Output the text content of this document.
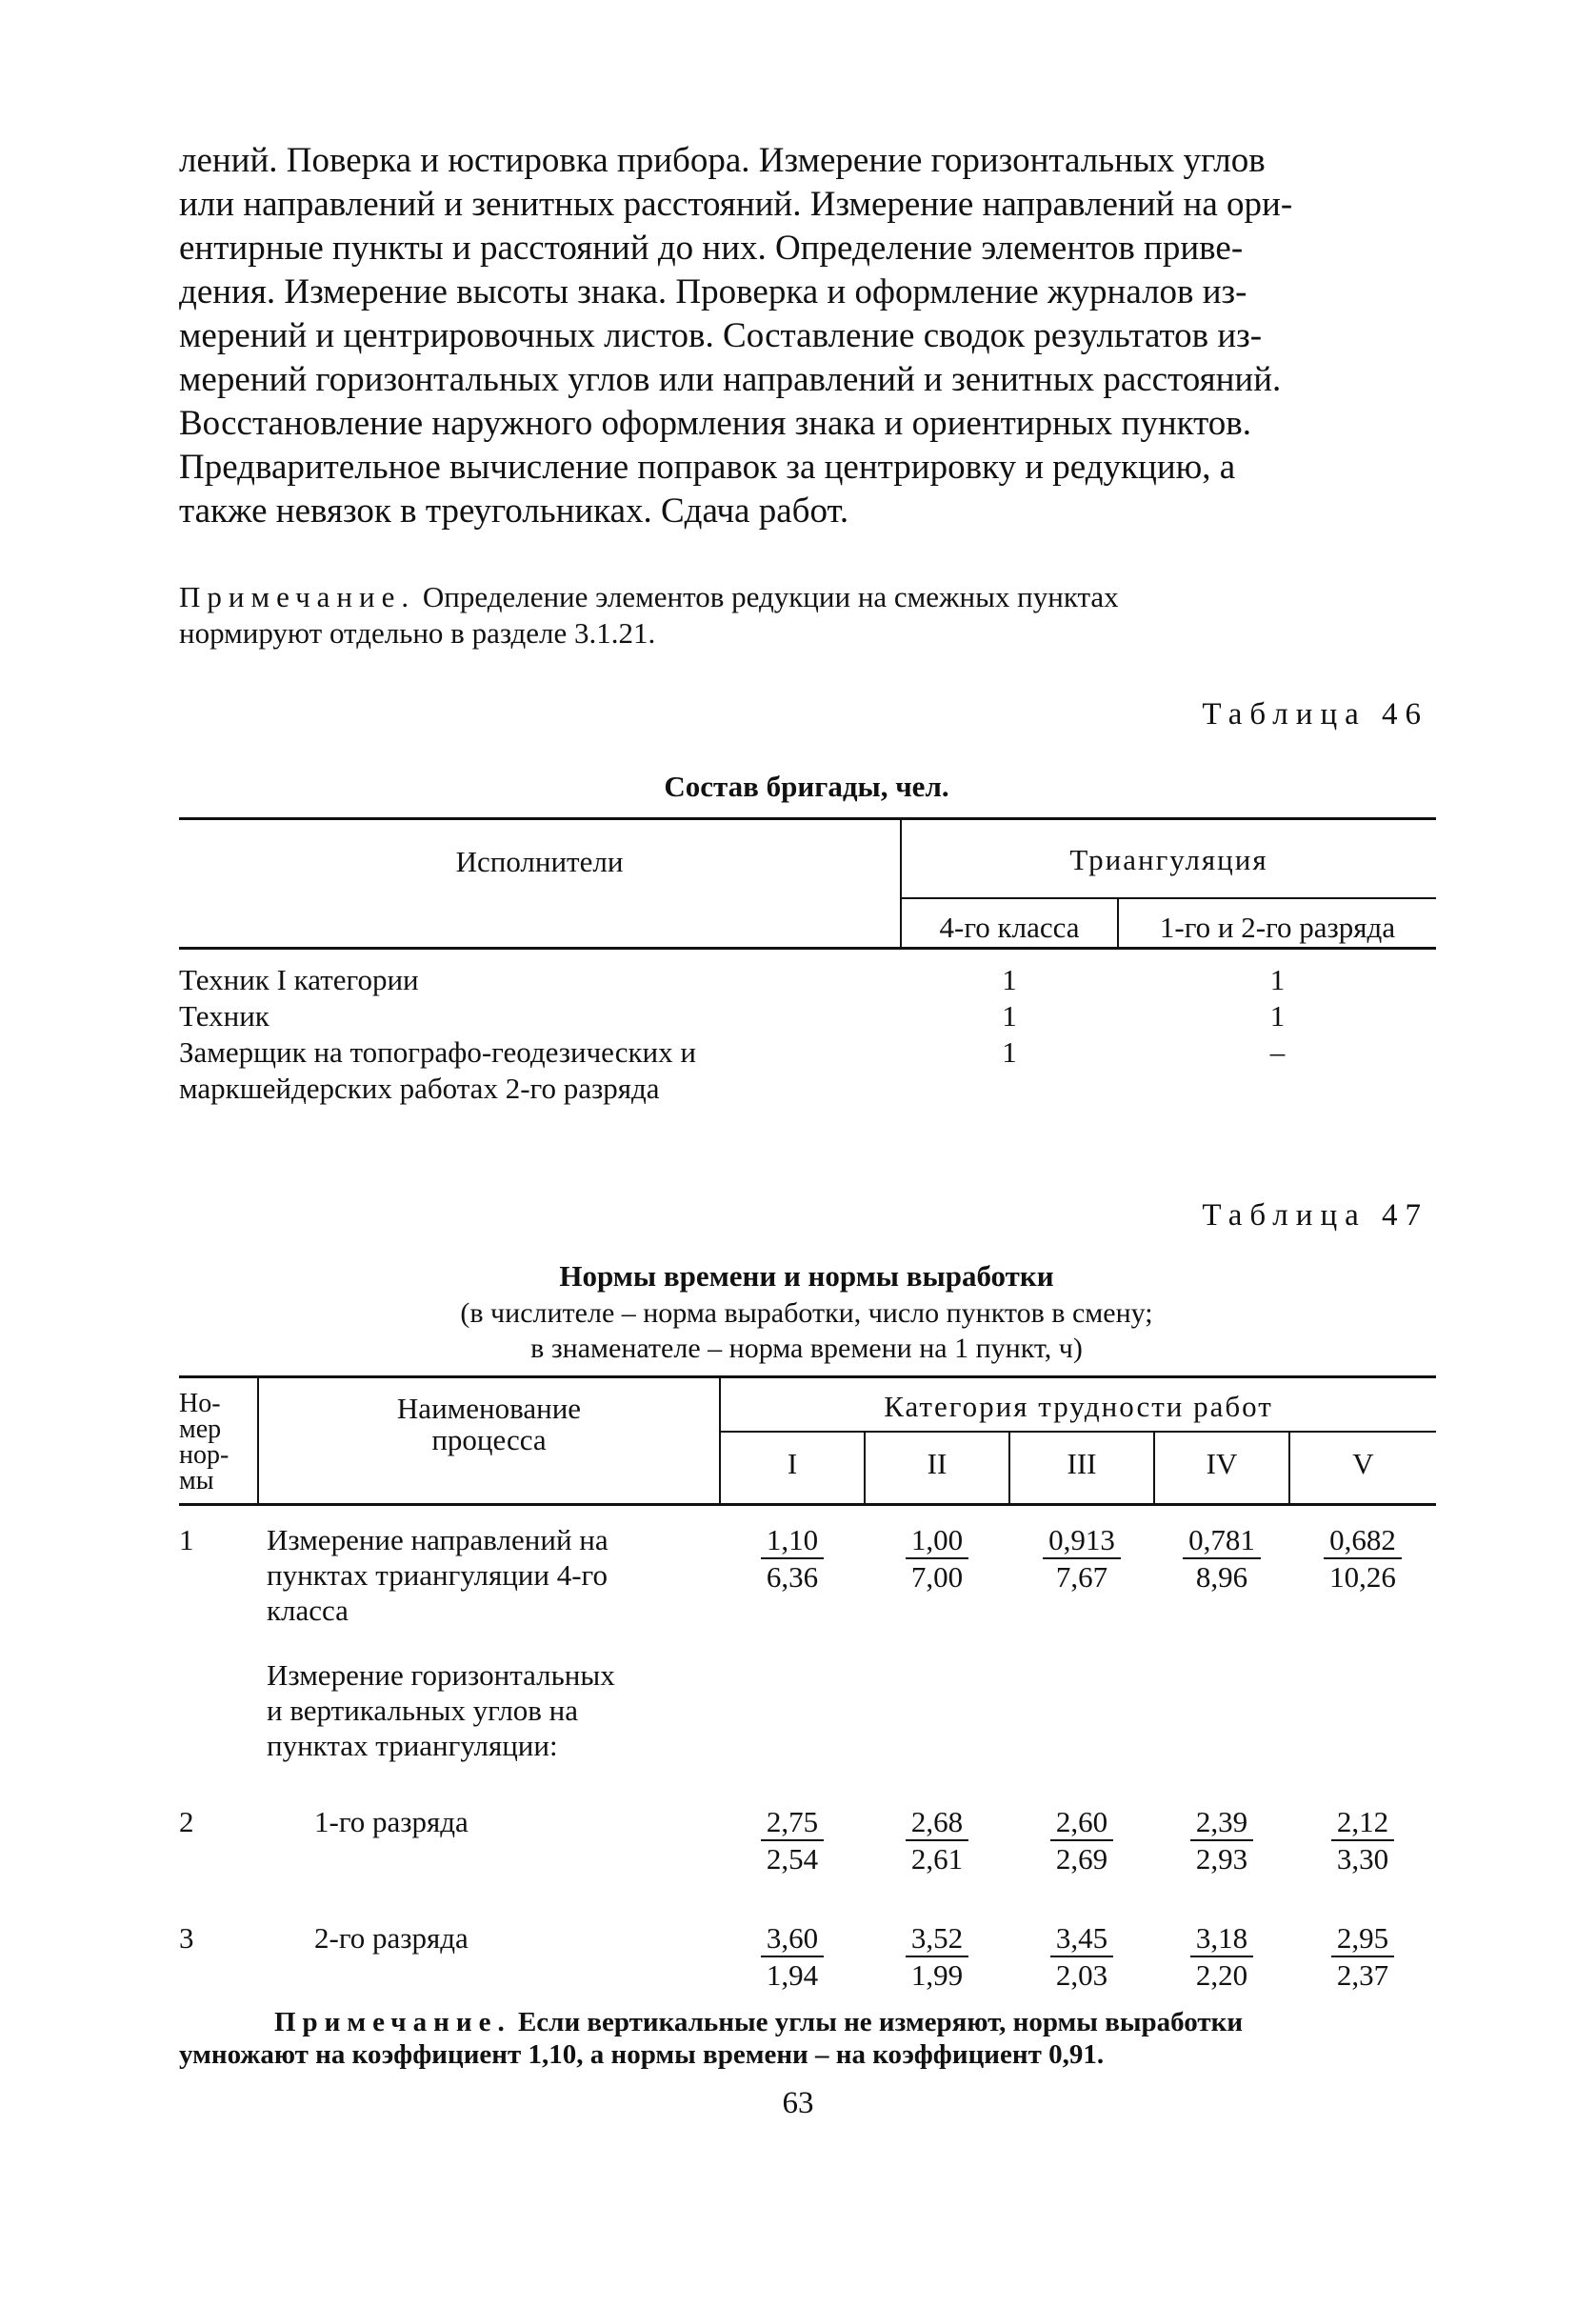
лений. Поверка и юстировка прибора. Измерение горизонтальных углов
или направлений и зенитных расстояний. Измерение направлений на ори-
ентирные пункты и расстояний до них. Определение элементов приве-
дения. Измерение высоты знака. Проверка и оформление журналов из-
мерений и центрировочных листов. Составление сводок результатов из-
мерений горизонтальных углов или направлений и зенитных расстояний.
Восстановление наружного оформления знака и ориентирных пунктов.
Предварительное вычисление поправок за центрировку и редукцию, а
также невязок в треугольниках. Сдача работ.
Примечание. Определение элементов редукции на смежных пунктах
нормируют отдельно в разделе 3.1.21.
Таблица 46
Состав бригады, чел.
Исполнители	Триангуляция
4-го класса	1-го и 2-го разряда
Техник I категории	1	1
Техник	1	1
Замерщик на топографо-геодезических и
маркшейдерских работах 2-го разряда
1	–
Таблица 47
Нормы времени и нормы выработки
(в числителе – норма выработки, число пунктов в смену;
в знаменателе – норма времени на 1 пункт, ч)
Но-
мер
нор-
мы
Наименование
процесса
Категория трудности работ
I	II	III	IV	V
1 Измерение направлений на
пунктах триангуляции 4-го
класса
$\frac{1,10}{6,36} \frac{1,00}{7,00} \frac{0,913}{7,67} \frac{0,781}{8,96} \frac{0,682}{10,26}$
Измерение горизонтальных
и вертикальных углов на
пунктах триангуляции:
2	1-го разряда	$\frac{2,75}{2,54} \frac{2,68}{2,61} \frac{2,60}{2,69} \frac{2,39}{2,93} \frac{2,12}{3,30}$
3	2-го разряда	$\frac{3,60}{1,94} \frac{3,52}{1,99} \frac{3,45}{2,03} \frac{3,18}{2,20} \frac{2,95}{2,37}$
Примечание. Если вертикальные углы не измеряют, нормы выработки
умножают на коэффициент 1,10, а нормы времени – на коэффициент 0,91.
63
